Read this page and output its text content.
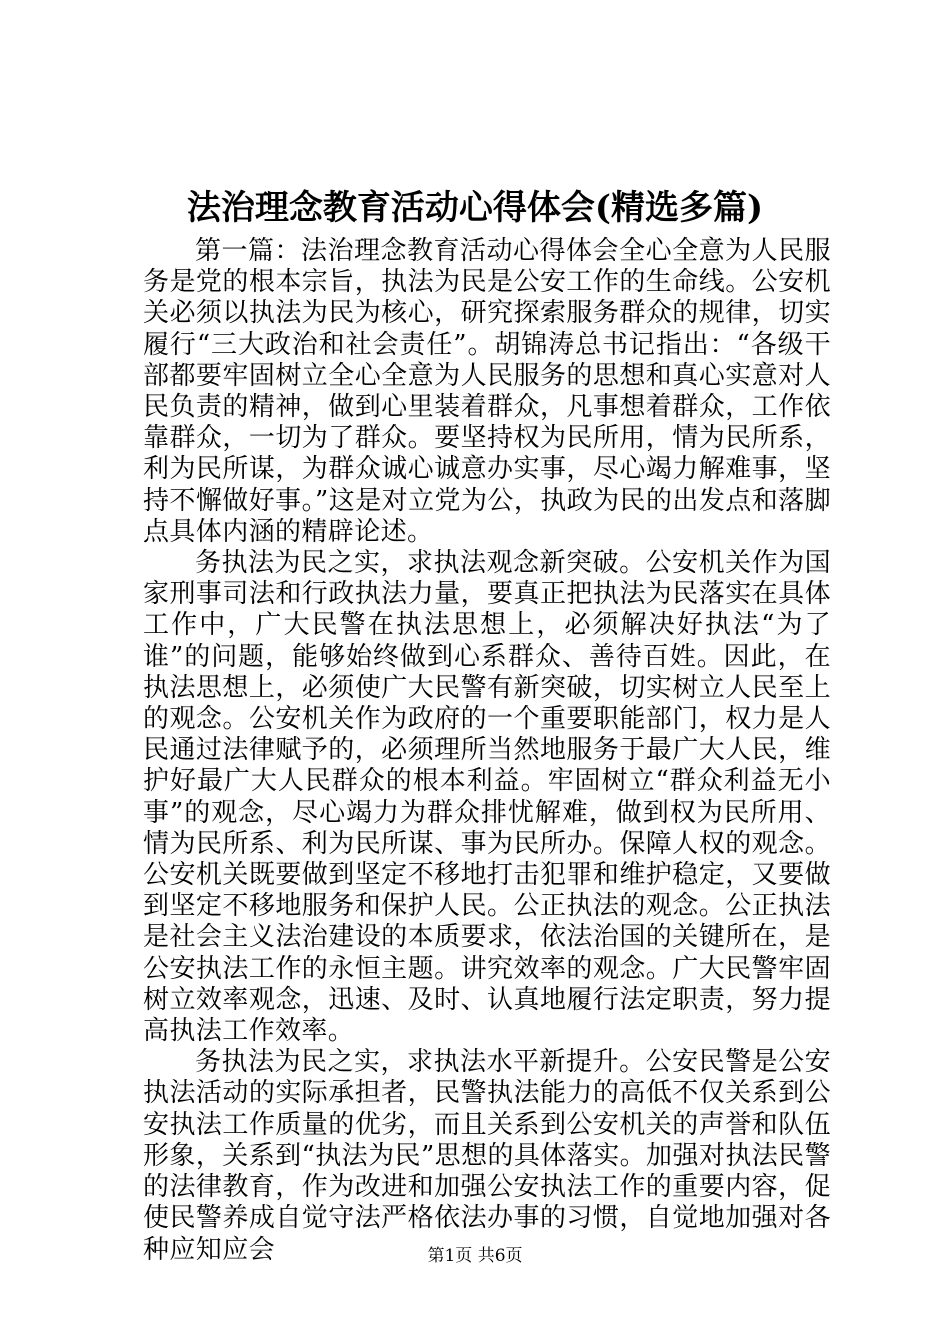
法治理念教育活动心得体会(精选多篇)

第一篇：法治理念教育活动心得体会全心全意为人民服务是党的根本宗旨，执法为民是公安工作的生命线。公安机关必须以执法为民为核心，研究探索服务群众的规律，切实履行“三大政治和社会责任”。胡锦涛总书记指出：“各级干部都要牢固树立全心全意为人民服务的思想和真心实意对人民负责的精神，做到心里装着群众，凡事想着群众，工作依靠群众，一切为了群众。要坚持权为民所用，情为民所系，利为民所谋，为群众诚心诚意办实事，尽心竭力解难事，坚持不懈做好事。”这是对立党为公，执政为民的出发点和落脚点具体内涵的精辟论述。

务执法为民之实，求执法观念新突破。公安机关作为国家刑事司法和行政执法力量，要真正把执法为民落实在具体工作中，广大民警在执法思想上，必须解决好执法“为了谁”的问题，能够始终做到心系群众、善待百姓。因此，在执法思想上，必须使广大民警有新突破，切实树立人民至上的观念。公安机关作为政府的一个重要职能部门，权力是人民通过法律赋予的，必须理所当然地服务于最广大人民，维护好最广大人民群众的根本利益。牢固树立“群众利益无小事”的观念，尽心竭力为群众排忧解难，做到权为民所用、情为民所系、利为民所谋、事为民所办。保障人权的观念。公安机关既要做到坚定不移地打击犯罪和维护稳定，又要做到坚定不移地服务和保护人民。公正执法的观念。公正执法是社会主义法治建设的本质要求，依法治国的关键所在，是公安执法工作的永恒主题。讲究效率的观念。广大民警牢固树立效率观念，迅速、及时、认真地履行法定职责，努力提高执法工作效率。

务执法为民之实，求执法水平新提升。公安民警是公安执法活动的实际承担者，民警执法能力的高低不仅关系到公安执法工作质量的优劣，而且关系到公安机关的声誉和队伍形象，关系到“执法为民”思想的具体落实。加强对执法民警的法律教育，作为改进和加强公安执法工作的重要内容，促使民警养成自觉守法严格依法办事的习惯，自觉地加强对各种应知应会	第1页 共6页
